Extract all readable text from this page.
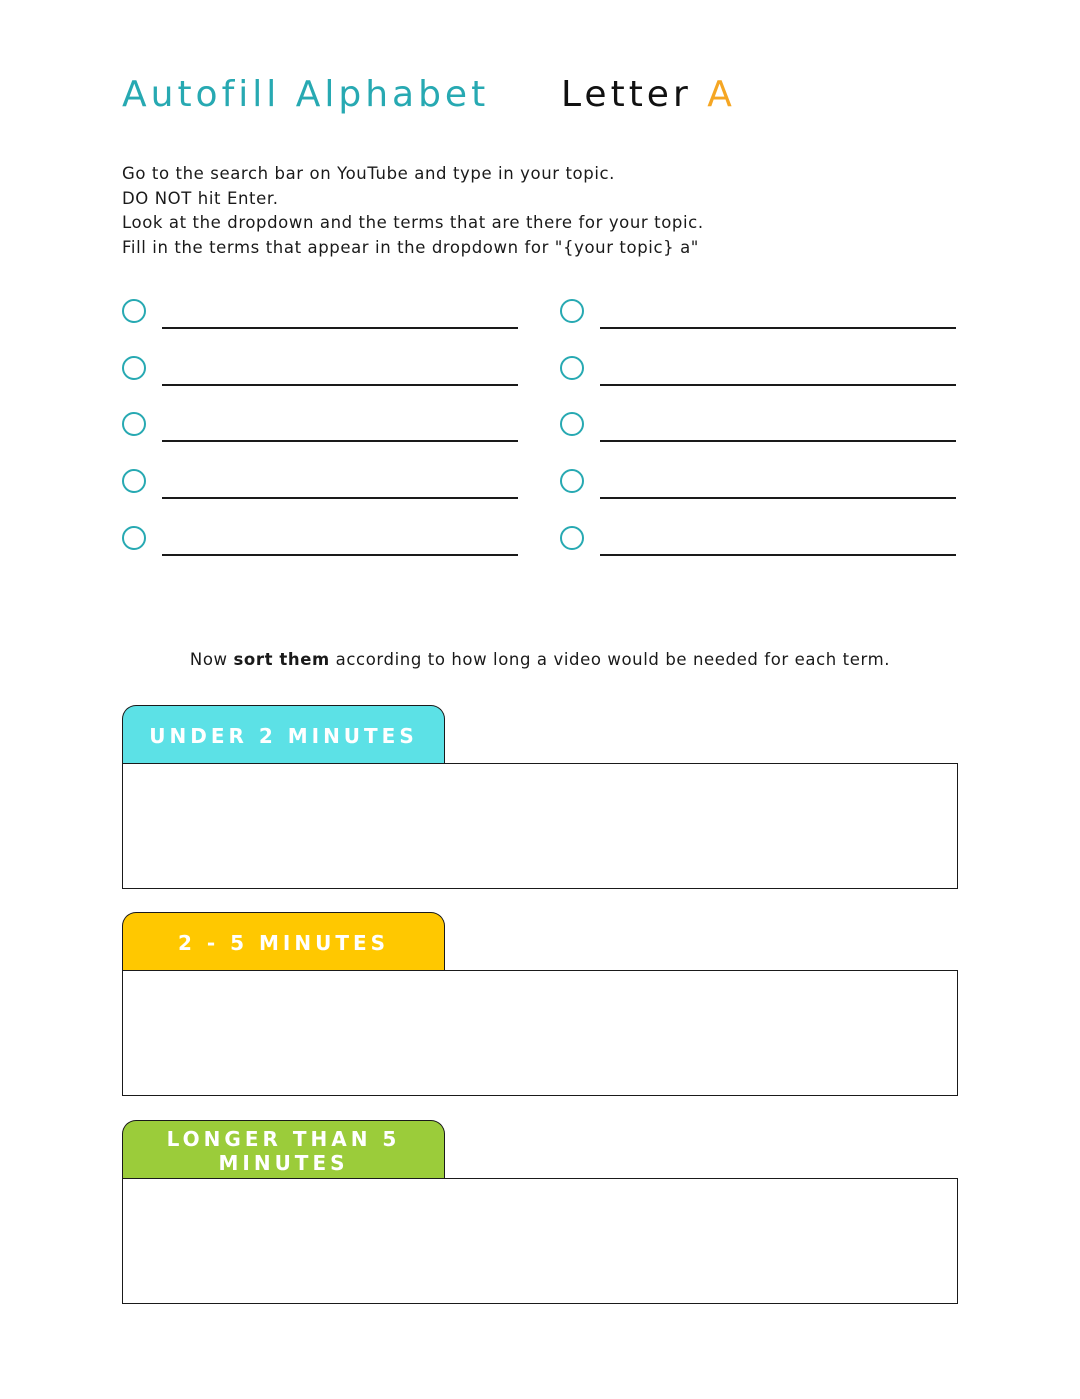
Autofill Alphabet Letter A

Go to the search bar on YouTube and type in your topic.

DO NOT hit Enter.

Look at the dropdown and the terms that are there for your topic.

Fill in the terms that appear in the dropdown for "{your topic} a"

Now sort them according to how long a video would be needed for each term.
UNDER 2 MINUTES
2 - 5 MINUTES
LONGER THAN 5 MINUTES
